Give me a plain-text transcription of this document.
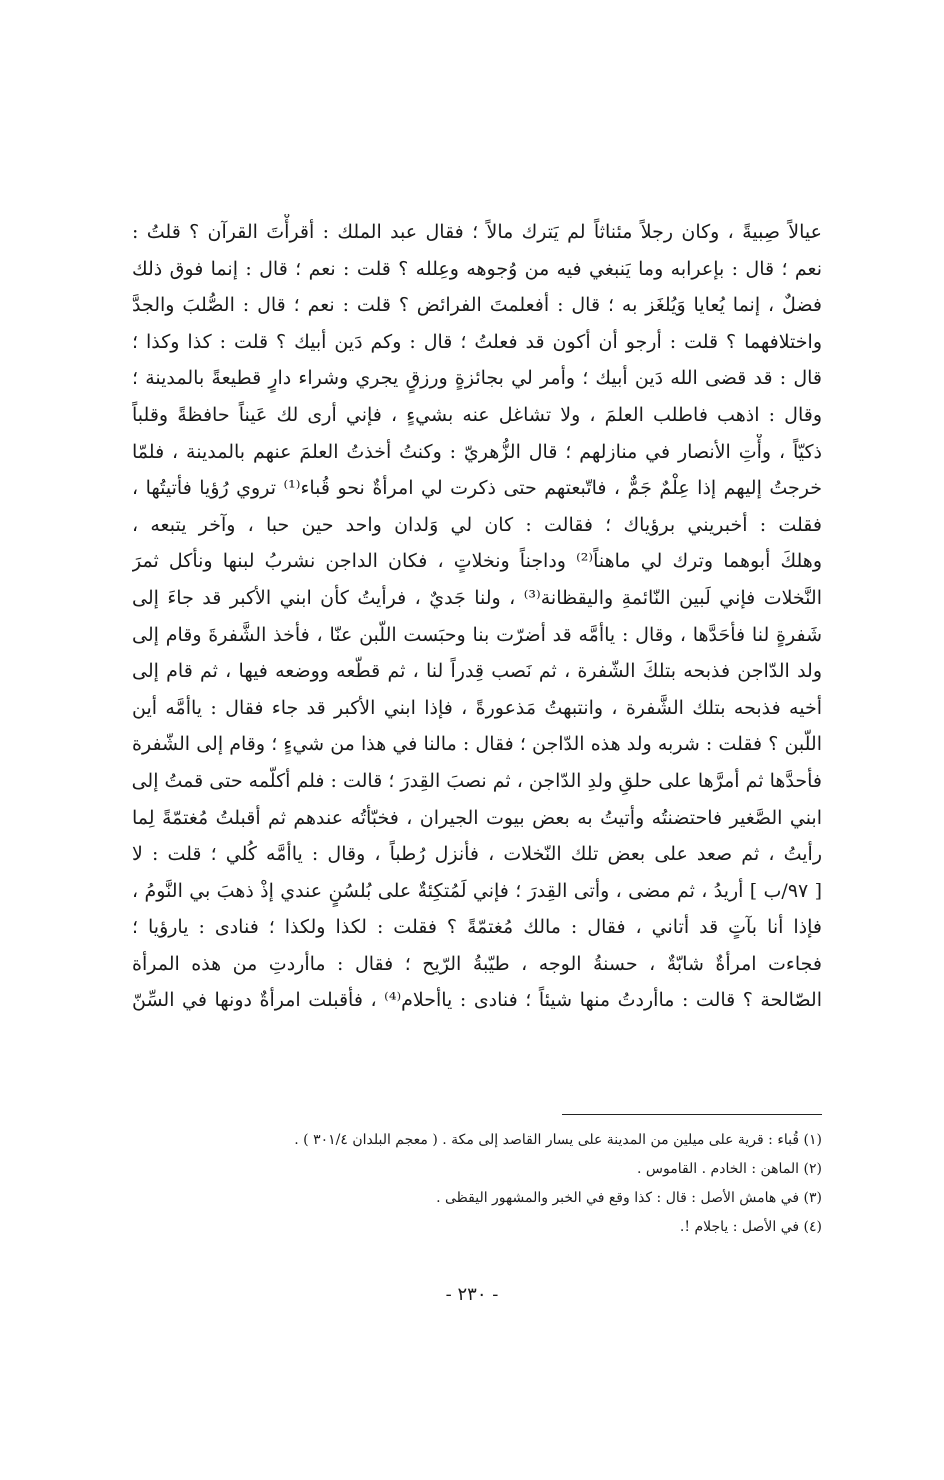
عيالاً صِبيةً ، وكان رجلاً مئناثاً لم يَترك مالاً ؛ فقال عبد الملك : أقرأْتَ القرآن ؟ قلتُ :
نعم ؛ قال : بإعرابه وما يَنبغي فيه من وُجوهه وعِلله ؟ قلت : نعم ؛ قال : إنما فوق ذلك
فضلٌ ، إنما يُعايا وَيُلغَز به ؛ قال : أفعلمتَ الفرائض ؟ قلت : نعم ؛ قال : الصُّلبَ والجدَّ
واختلافهما ؟ قلت : أرجو أن أكون قد فعلتُ ؛ قال : وكم دَين أبيك ؟ قلت : كذا وكذا ؛
قال : قد قضى الله دَين أبيك ؛ وأمر لي بجائزةٍ ورزقٍ يجري وشراء دارٍ قطيعةً بالمدينة ؛
وقال : اذهب فاطلب العلمَ ، ولا تشاغل عنه بشيءٍ ، فإني أرى لك عَيناً حافظةً وقلباً
ذكيّاً ، وأْتِ الأنصار في منازلهم ؛ قال الزُّهريّ : وكنتُ أخذتُ العلمَ عنهم بالمدينة ، فلمّا
خرجتُ إليهم إذا عِلْمٌ جَمٌّ ، فاتّبعتهم حتى ذكرت لي امرأةٌ نحو قُباء⁽¹⁾ تروي رُؤيا فأتيتُها ،
فقلت : أخبريني برؤياك ؛ فقالت : كان لي وَلدان واحد حين حبا ، وآخر يتبعه ،
وهلكَ أبوهما وترك لي ماهناً⁽²⁾ وداجناً ونخلاتٍ ، فكان الداجن نشربُ لبنها ونأكل ثمرَ
النَّخلات فإني لَبين النّائمةِ واليقظانة⁽³⁾ ، ولنا جَديٌ ، فرأيتُ كأن ابني الأكبر قد جاءَ إلى
شَفرةٍ لنا فأحَدَّها ، وقال : ياأمَّه قد أضرّت بنا وحبَست اللّبن عنّا ، فأخذ الشَّفرةَ وقام إلى
ولد الدّاجن فذبحه بتلكَ الشّفرة ، ثم نَصب قِدراً لنا ، ثم قطّعه ووضعه فيها ، ثم قام إلى
أخيه فذبحه بتلك الشَّفرة ، وانتبهتُ مَذعورةً ، فإذا ابني الأكبر قد جاء فقال : ياأمَّه أين
اللّبن ؟ فقلت : شربه ولد هذه الدّاجن ؛ فقال : مالنا في هذا من شيءٍ ؛ وقام إلى الشّفرة
فأحدَّها ثم أمرَّها على حلقِ ولدِ الدّاجن ، ثم نصبَ القِدرَ ؛ قالت : فلم أكلّمه حتى قمتُ إلى
ابني الصَّغير فاحتضنتُه وأتيتُ به بعض بيوت الجيران ، فخبّأتُه عندهم ثم أقبلتُ مُغتمّةً لِما
رأيتُ ، ثم صعد على بعض تلك النّخلات ، فأنزل رُطباً ، وقال : ياأمَّه كُلي ؛ قلت : لا
[ ٩٧/ب ] أريدُ ، ثم مضى ، وأتى القِدرَ ؛ فإني لَمُتكِئةٌ على بُلسُنٍ عندي إذْ ذهبَ بي النَّومُ ،
فإذا أنا بآتٍ قد أتاني ، فقال : مالك مُغتمّةً ؟ فقلت : لكذا ولكذا ؛ فنادى : يارؤيا ؛
فجاءت امرأةٌ شابّةٌ ، حسنةُ الوجه ، طيّبةُ الرّيح ؛ فقال : ماأردتِ من هذه المرأة
الصّالحة ؟ قالت : ماأردتُ منها شيئاً ؛ فنادى : ياأحلام⁽⁴⁾ ، فأقبلت امرأةٌ دونها في السِّنّ
(١) قُباء : قرية على ميلين من المدينة على يسار القاصد إلى مكة . ( معجم البلدان ٣٠١/٤ ) .
(٢) الماهن : الخادم . القاموس .
(٣) في هامش الأصل : قال : كذا وقع في الخبر والمشهور اليقظى .
(٤) في الأصل : ياجلام !.
- ٢٣٠ -
